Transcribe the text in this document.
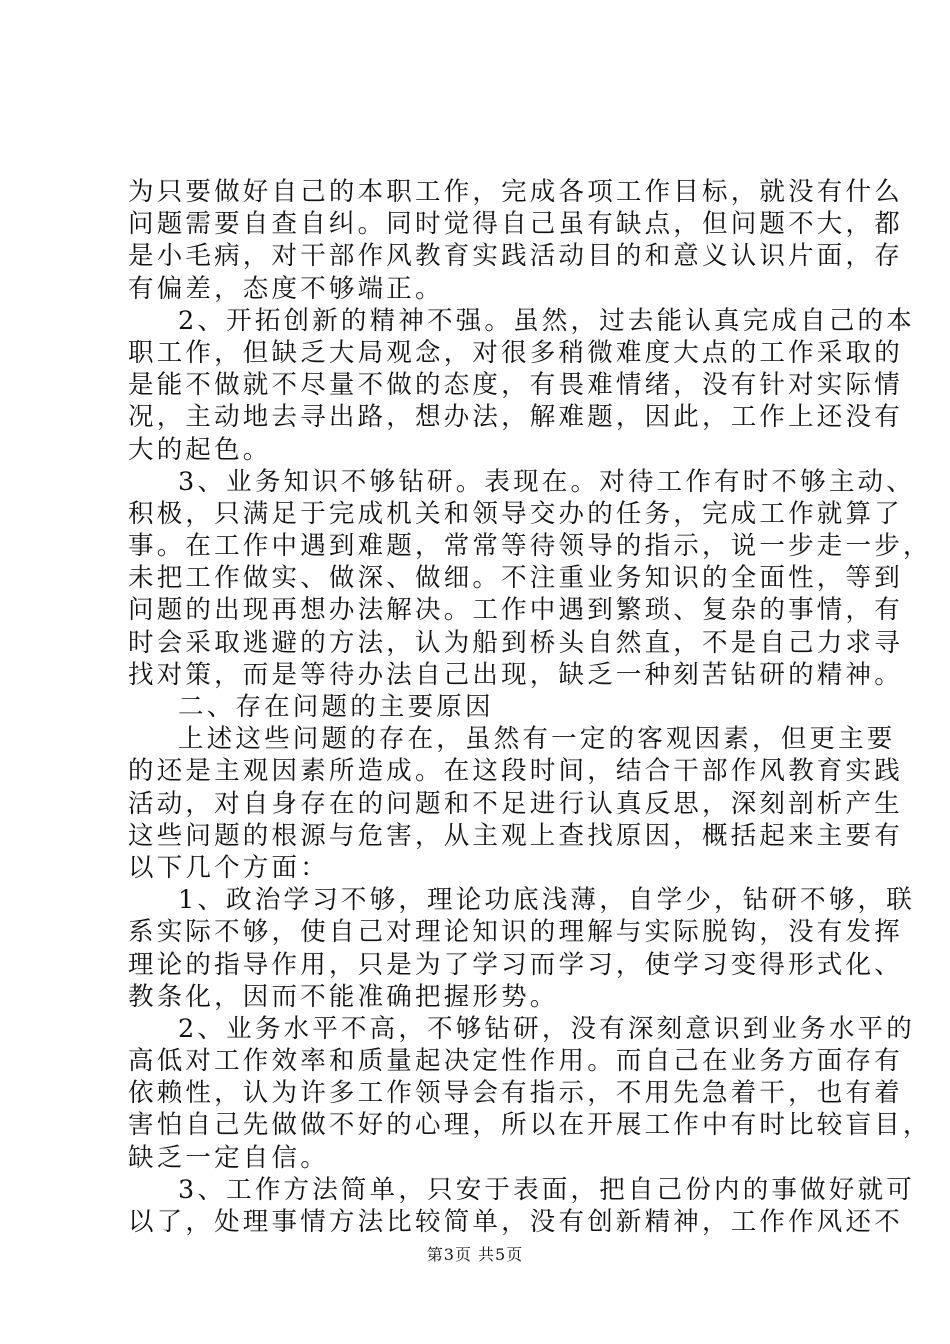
为只要做好自己的本职工作，完成各项工作目标，就没有什么
问题需要自查自纠。同时觉得自己虽有缺点，但问题不大，都
是小毛病，对干部作风教育实践活动目的和意义认识片面，存
有偏差，态度不够端正。
2、开拓创新的精神不强。虽然，过去能认真完成自己的本
职工作，但缺乏大局观念，对很多稍微难度大点的工作采取的
是能不做就不尽量不做的态度，有畏难情绪，没有针对实际情
况，主动地去寻出路，想办法，解难题，因此，工作上还没有
大的起色。
3、业务知识不够钻研。表现在。对待工作有时不够主动、
积极，只满足于完成机关和领导交办的任务，完成工作就算了
事。在工作中遇到难题，常常等待领导的指示，说一步走一步，
未把工作做实、做深、做细。不注重业务知识的全面性，等到
问题的出现再想办法解决。工作中遇到繁琐、复杂的事情，有
时会采取逃避的方法，认为船到桥头自然直，不是自己力求寻
找对策，而是等待办法自己出现，缺乏一种刻苦钻研的精神。
二、存在问题的主要原因
上述这些问题的存在，虽然有一定的客观因素，但更主要
的还是主观因素所造成。在这段时间，结合干部作风教育实践
活动，对自身存在的问题和不足进行认真反思，深刻剖析产生
这些问题的根源与危害，从主观上查找原因，概括起来主要有
以下几个方面：
1、政治学习不够，理论功底浅薄，自学少，钻研不够，联
系实际不够，使自己对理论知识的理解与实际脱钩，没有发挥
理论的指导作用，只是为了学习而学习，使学习变得形式化、
教条化，因而不能准确把握形势。
2、业务水平不高，不够钻研，没有深刻意识到业务水平的
高低对工作效率和质量起决定性作用。而自己在业务方面存有
依赖性，认为许多工作领导会有指示，不用先急着干，也有着
害怕自己先做做不好的心理，所以在开展工作中有时比较盲目，
缺乏一定自信。
3、工作方法简单，只安于表面，把自己份内的事做好就可
以了，处理事情方法比较简单，没有创新精神，工作作风还不
第3页 共5页
